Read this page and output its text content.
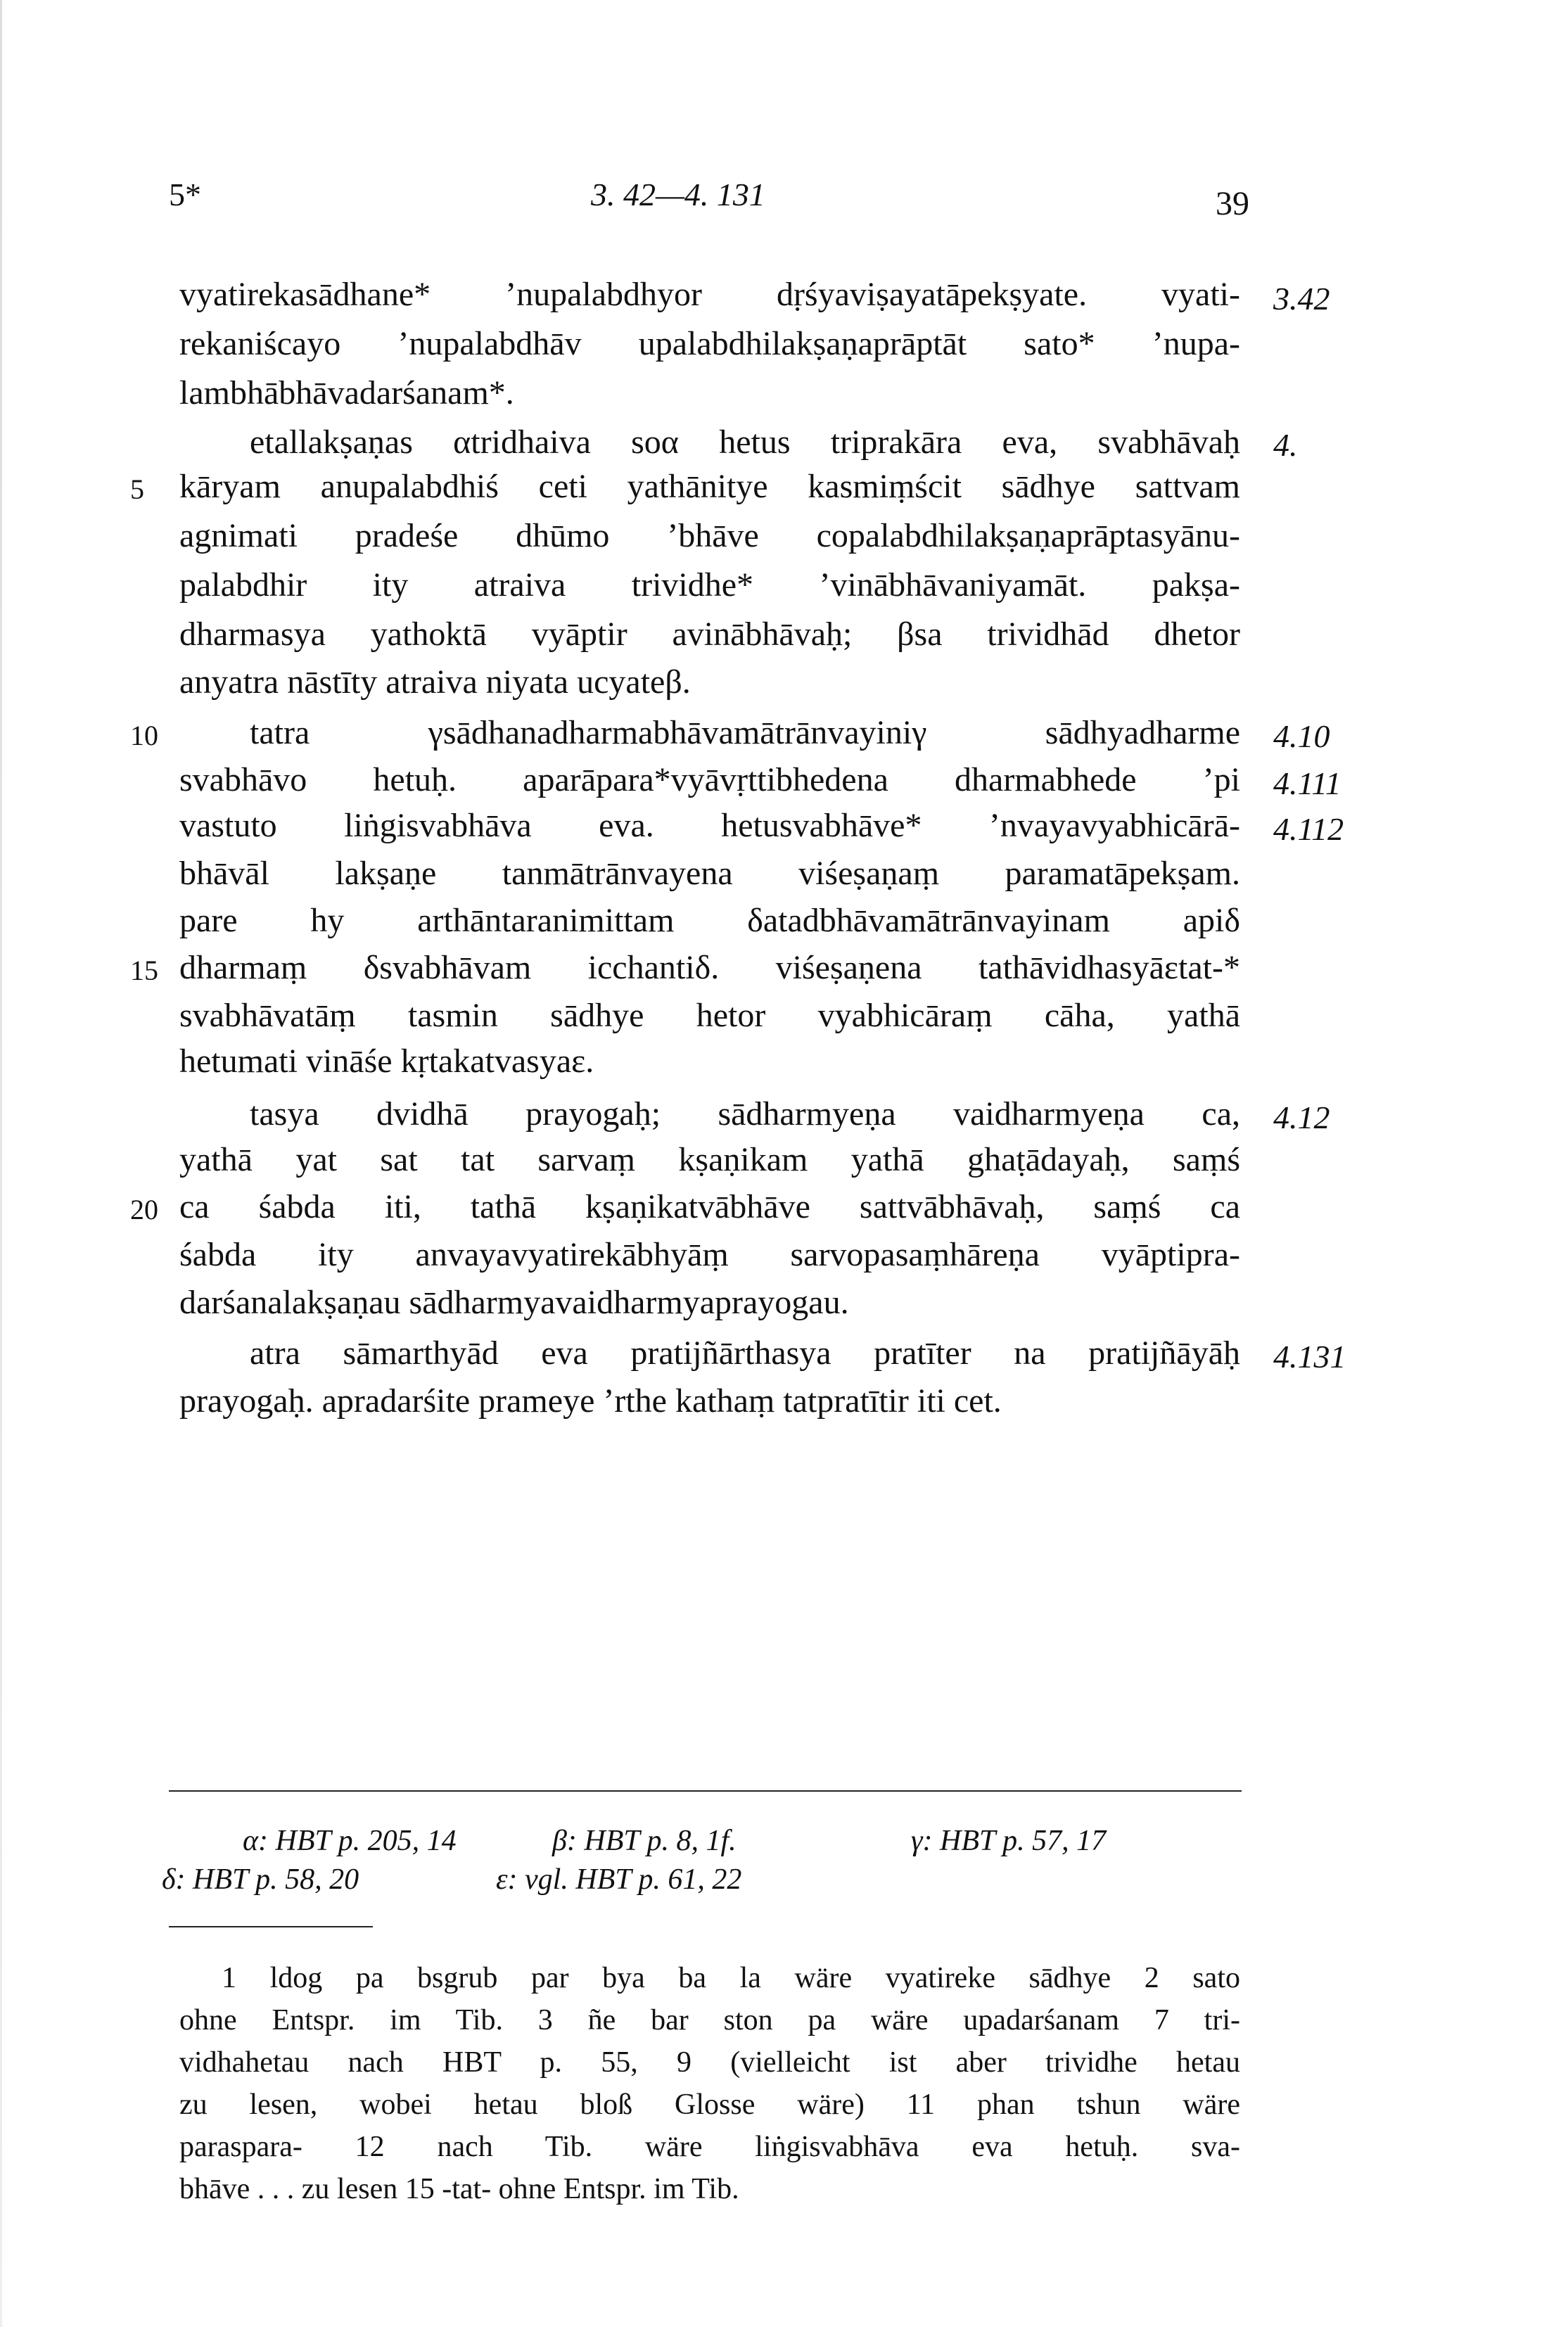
5*	3. 42—4. 131	39
vyatirekasādhane* ’nupalabdhyor dṛśyaviṣayatāpekṣyate. vyati-
rekaniścayo ’nupalabdhāv upalabdhilakṣaṇaprāptāt sato* ’nupa-
lambhābhāvadarśanam*.
etallakṣaṇas αtridhaiva soα hetus triprakāra eva, svabhāvaḥ
kāryam anupalabdhiś ceti yathānitye kasmiṃścit sādhye sattvam
agnimati pradeśe dhūmo ’bhāve copalabdhilakṣaṇaprāptasyānu-
palabdhir ity atraiva trividhe* ’vinābhāvaniyamāt. pakṣa-
dharmasya yathoktā vyāptir avinābhāvaḥ; βsa trividhād dhetor
anyatra nāstīty atraiva niyata ucyateβ.
tatra γsādhanadharmabhāvamātrānvayiniγ sādhyadharme
svabhāvo hetuḥ. aparāpara*vyāvṛttibhedena dharmabhede ’pi
vastuto liṅgisvabhāva eva. hetusvabhāve* ’nvayavyabhicārā-
bhāvāl lakṣaṇe tanmātrānvayena viśeṣaṇaṃ paramatāpekṣam.
pare hy arthāntaranimittam δatadbhāvamātrānvayinam apiδ
dharmaṃ δsvabhāvam icchantiδ. viśeṣaṇena tathāvidhasyāεtat-*
svabhāvatāṃ tasmin sādhye hetor vyabhicāraṃ cāha, yathā
hetumati vināśe kṛtakatvasyaε.
tasya dvidhā prayogaḥ; sādharmyeṇa vaidharmyeṇa ca,
yathā yat sat tat sarvaṃ kṣaṇikam yathā ghaṭādayaḥ, saṃś
ca śabda iti, tathā kṣaṇikatvābhāve sattvābhāvaḥ, saṃś ca
śabda ity anvayavyatirekābhyāṃ sarvopasaṃhāreṇa vyāptipra-
darśanalakṣaṇau sādharmyavaidharmyaprayogau.
atra sāmarthyād eva pratijñārthasya pratīter na pratijñāyāḥ
prayogaḥ. apradarśite prameye ’rthe kathaṃ tatpratītir iti cet.
5
10
15
20
3.42
4.
4.10
4.111
4.112
4.12
4.131
α: HBT p. 205, 14	β: HBT p. 8, 1f.	γ: HBT p. 57, 17
δ: HBT p. 58, 20	ε: vgl. HBT p. 61, 22
1 ldog pa bsgrub par bya ba la wäre vyatireke sādhye 2 sato
ohne Entspr. im Tib. 3 ñe bar ston pa wäre upadarśanam 7 tri-
vidhahetau nach HBT p. 55, 9 (vielleicht ist aber trividhe hetau
zu lesen, wobei hetau bloß Glosse wäre) 11 phan tshun wäre
paraspara- 12 nach Tib. wäre liṅgisvabhāva eva hetuḥ. sva-
bhāve . . . zu lesen 15 -tat- ohne Entspr. im Tib.
